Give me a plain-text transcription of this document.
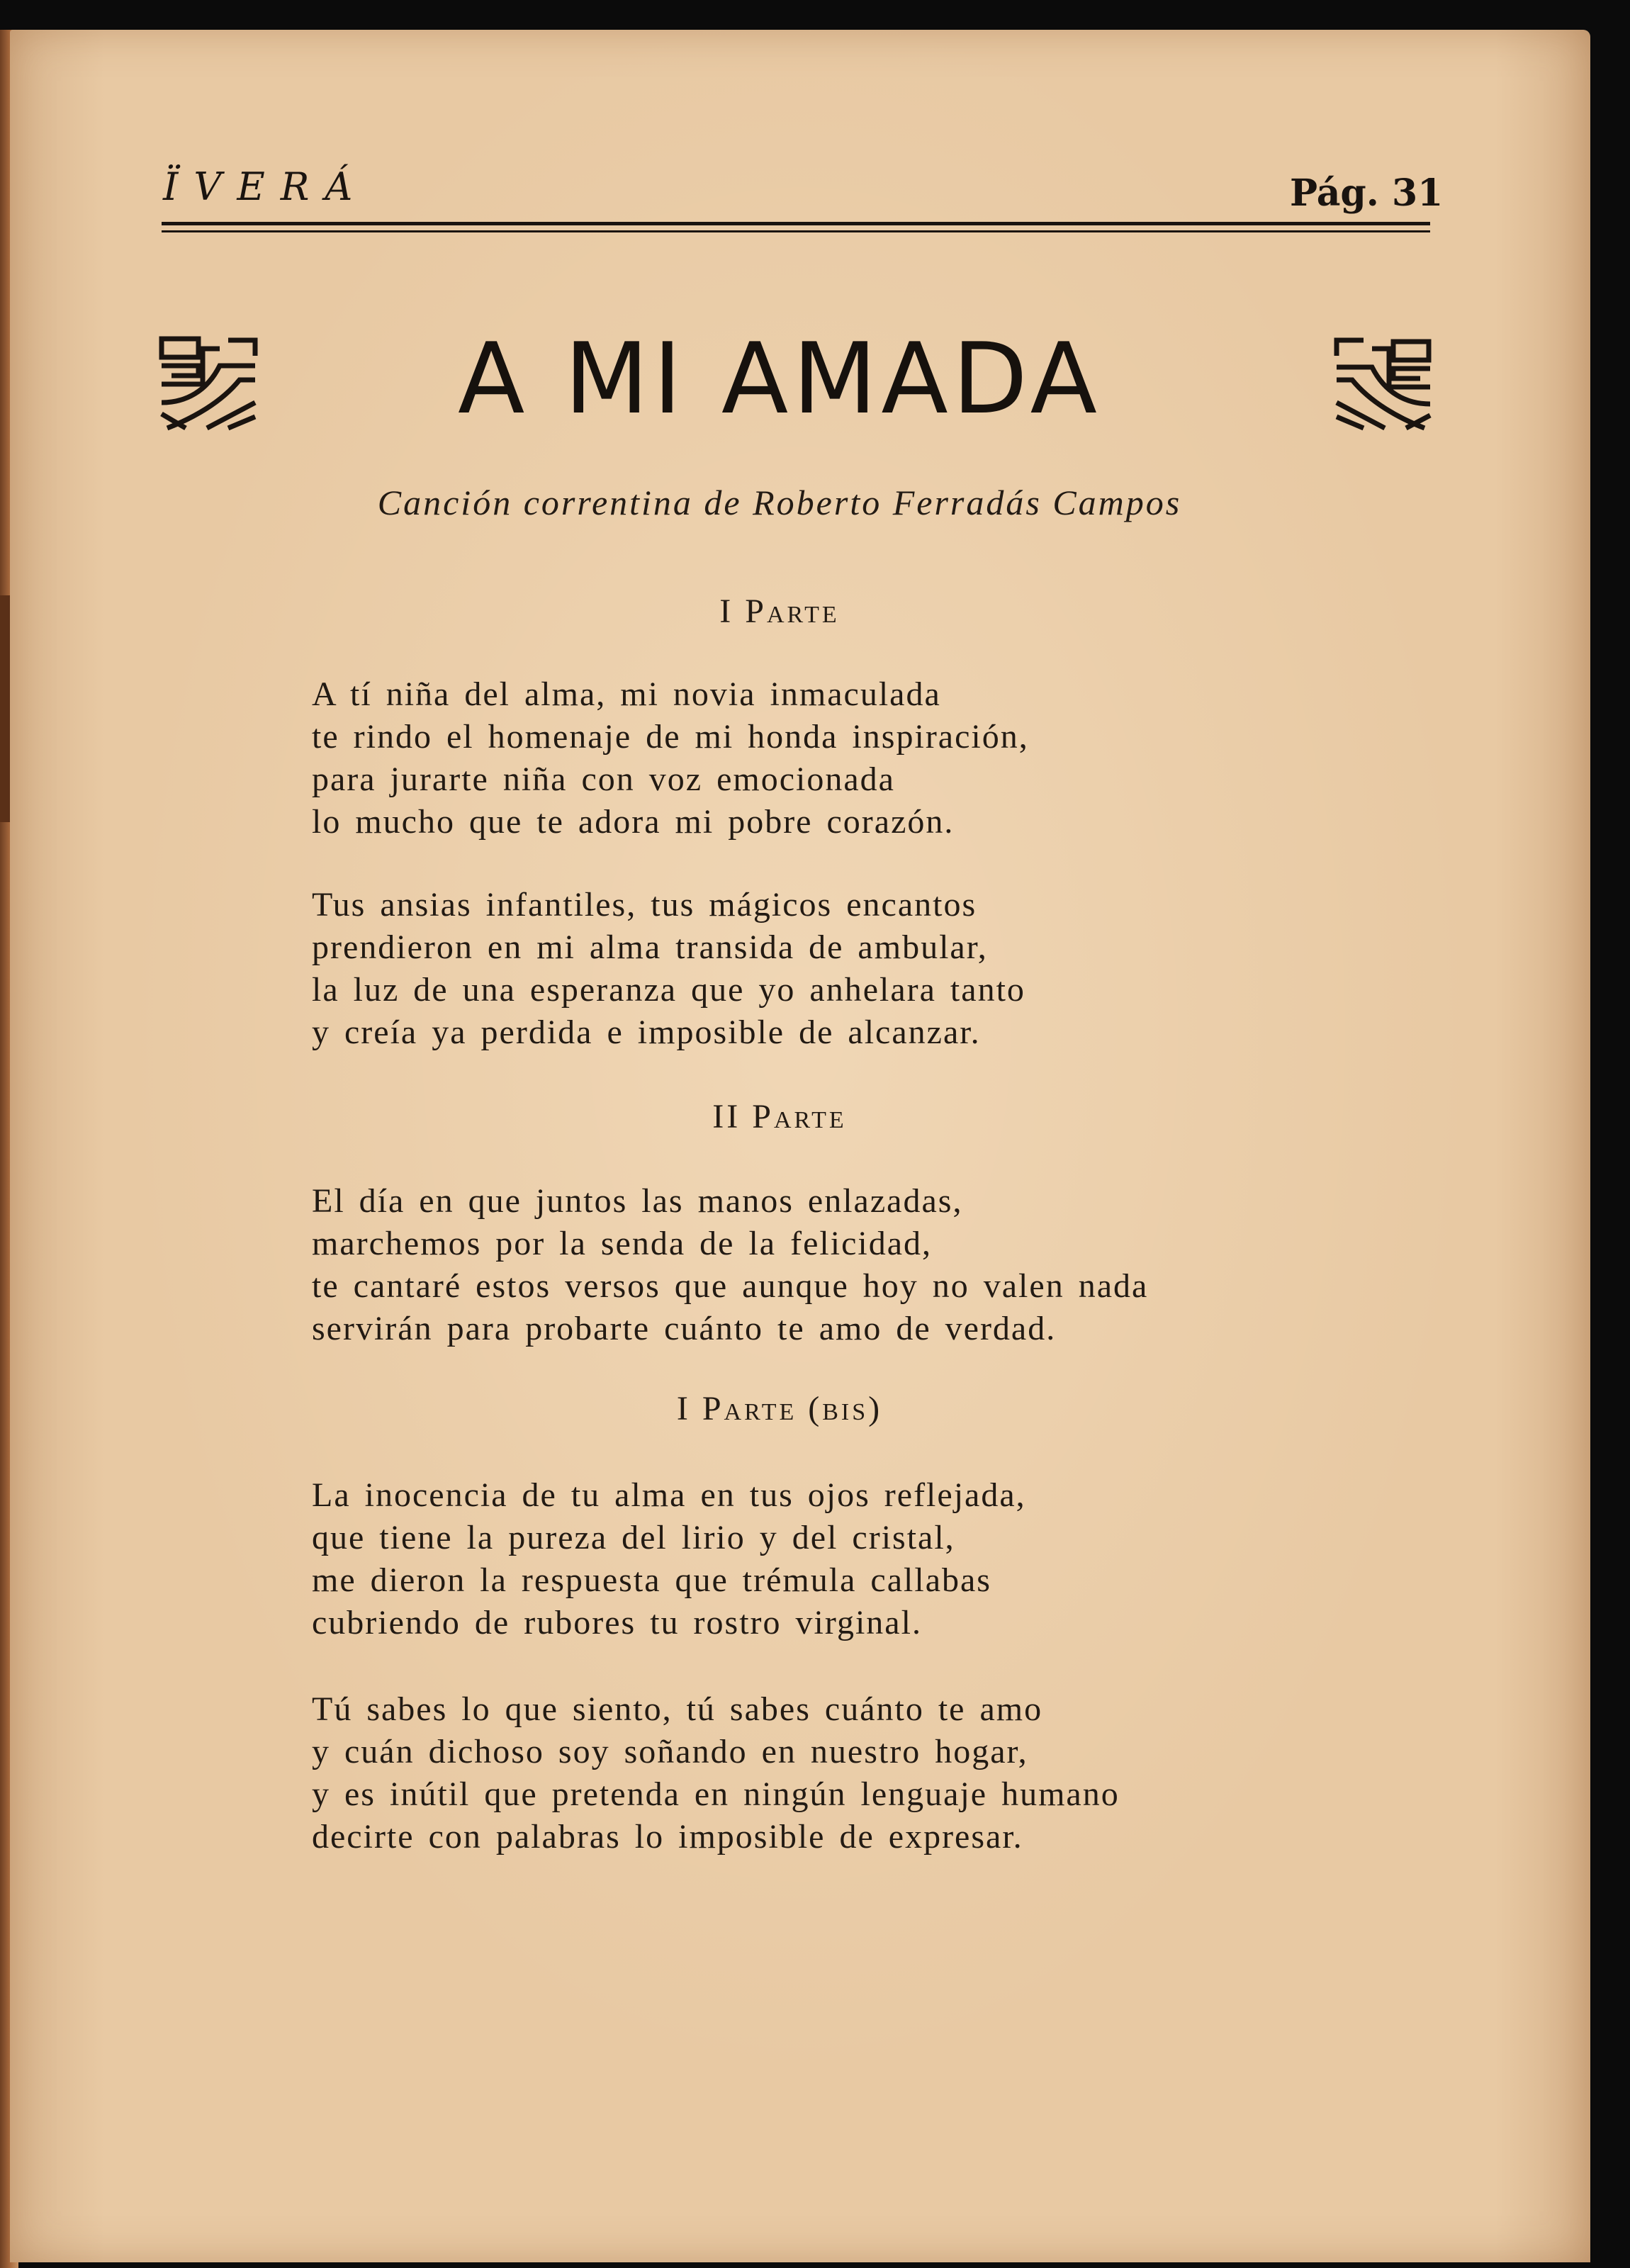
ÏVERÁ	Pág. 31
A MI AMADA
Canción correntina de Roberto Ferradás Campos
I Parte
A tí niña del alma, mi novia inmaculada
te rindo el homenaje de mi honda inspiración,
para jurarte niña con voz emocionada
lo mucho que te adora mi pobre corazón.
Tus ansias infantiles, tus mágicos encantos
prendieron en mi alma transida de ambular,
la luz de una esperanza que yo anhelara tanto
y creía ya perdida e imposible de alcanzar.
II Parte
El día en que juntos las manos enlazadas,
marchemos por la senda de la felicidad,
te cantaré estos versos que aunque hoy no valen nada
servirán para probarte cuánto te amo de verdad.
I Parte (bis)
La inocencia de tu alma en tus ojos reflejada,
que tiene la pureza del lirio y del cristal,
me dieron la respuesta que trémula callabas
cubriendo de rubores tu rostro virginal.
Tú sabes lo que siento, tú sabes cuánto te amo
y cuán dichoso soy soñando en nuestro hogar,
y es inútil que pretenda en ningún lenguaje humano
decirte con palabras lo imposible de expresar.
